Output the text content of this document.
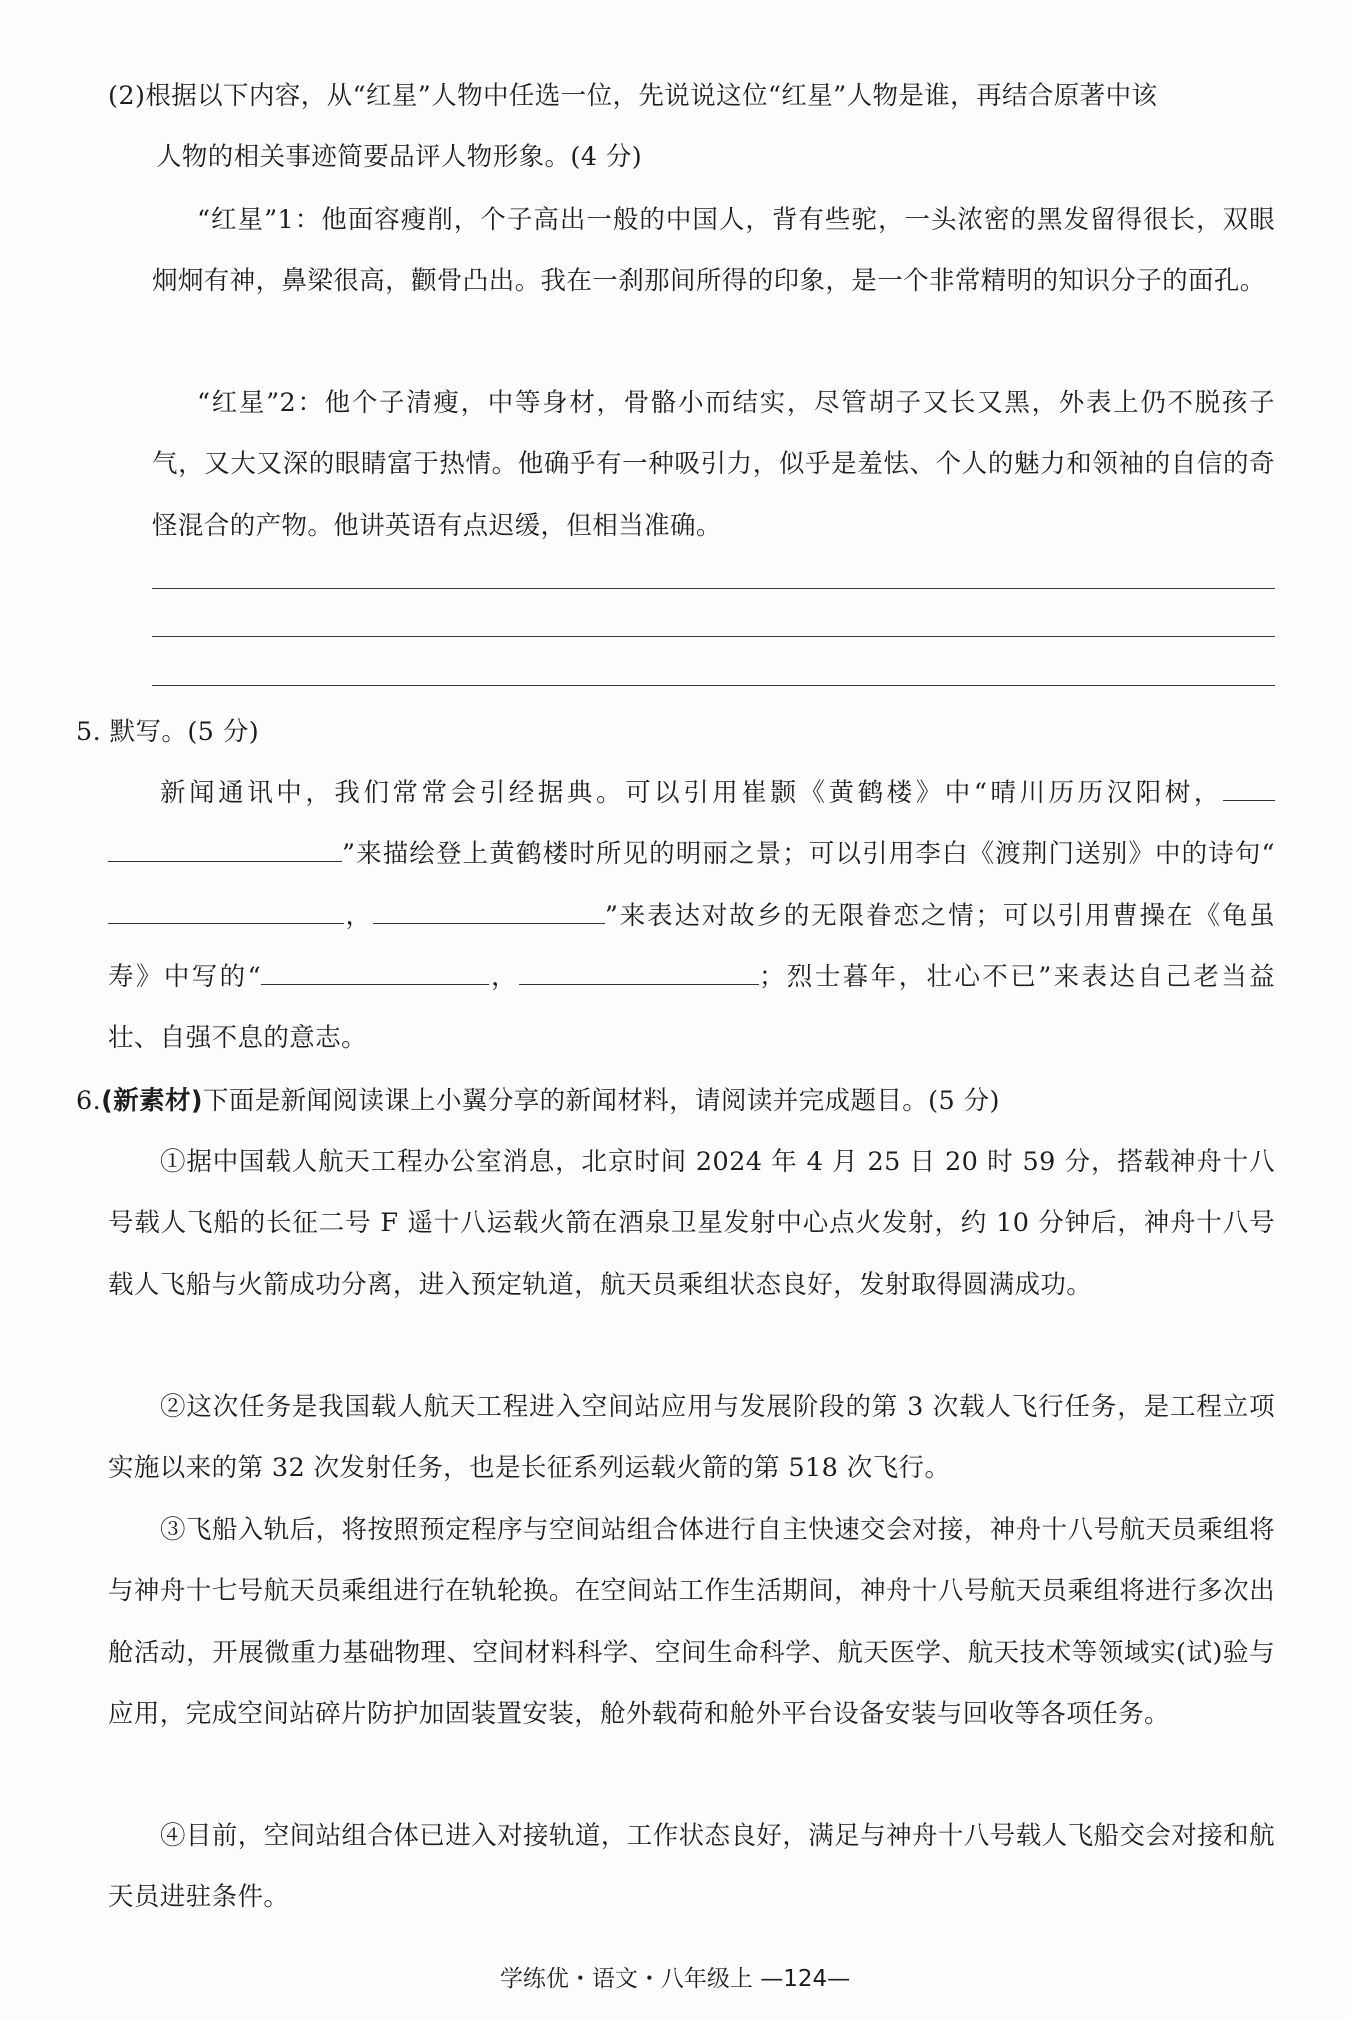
(2)根据以下内容，从“红星”人物中任选一位，先说说这位“红星”人物是谁，再结合原著中该
人物的相关事迹简要品评人物形象。(4 分)

“红星”1：他面容瘦削，个子高出一般的中国人，背有些驼，一头浓密的黑发留得很长，双眼炯炯有神，鼻梁很高，颧骨凸出。我在一刹那间所得的印象，是一个非常精明的知识分子的面孔。

“红星”2：他个子清瘦，中等身材，骨骼小而结实，尽管胡子又长又黑，外表上仍不脱孩子气，又大又深的眼睛富于热情。他确乎有一种吸引力，似乎是羞怯、个人的魅力和领袖的自信的奇怪混合的产物。他讲英语有点迟缓，但相当准确。

5. 默写。(5 分)

新闻通讯中，我们常常会引经据典。可以引用崔颢《黄鹤楼》中“晴川历历汉阳树，”来描绘登上黄鹤楼时所见的明丽之景；可以引用李白《渡荆门送别》中的诗句“，	”来表达对故乡的无限眷恋之情；可以引用曹操在《龟虽寿》中写的“	，	；烈士暮年，壮心不已”来表达自己老当益壮、自强不息的意志。

6.(新素材)下面是新闻阅读课上小翼分享的新闻材料，请阅读并完成题目。(5 分)

①据中国载人航天工程办公室消息，北京时间 2024 年 4 月 25 日 20 时 59 分，搭载神舟十八号载人飞船的长征二号 F 遥十八运载火箭在酒泉卫星发射中心点火发射，约 10 分钟后，神舟十八号载人飞船与火箭成功分离，进入预定轨道，航天员乘组状态良好，发射取得圆满成功。

②这次任务是我国载人航天工程进入空间站应用与发展阶段的第 3 次载人飞行任务，是工程立项实施以来的第 32 次发射任务，也是长征系列运载火箭的第 518 次飞行。

③飞船入轨后，将按照预定程序与空间站组合体进行自主快速交会对接，神舟十八号航天员乘组将与神舟十七号航天员乘组进行在轨轮换。在空间站工作生活期间，神舟十八号航天员乘组将进行多次出舱活动，开展微重力基础物理、空间材料科学、空间生命科学、航天医学、航天技术等领域实(试)验与应用，完成空间站碎片防护加固装置安装，舱外载荷和舱外平台设备安装与回收等各项任务。

④目前，空间站组合体已进入对接轨道，工作状态良好，满足与神舟十八号载人飞船交会对接和航天员进驻条件。

学练优・语文・八年级上 —124—
